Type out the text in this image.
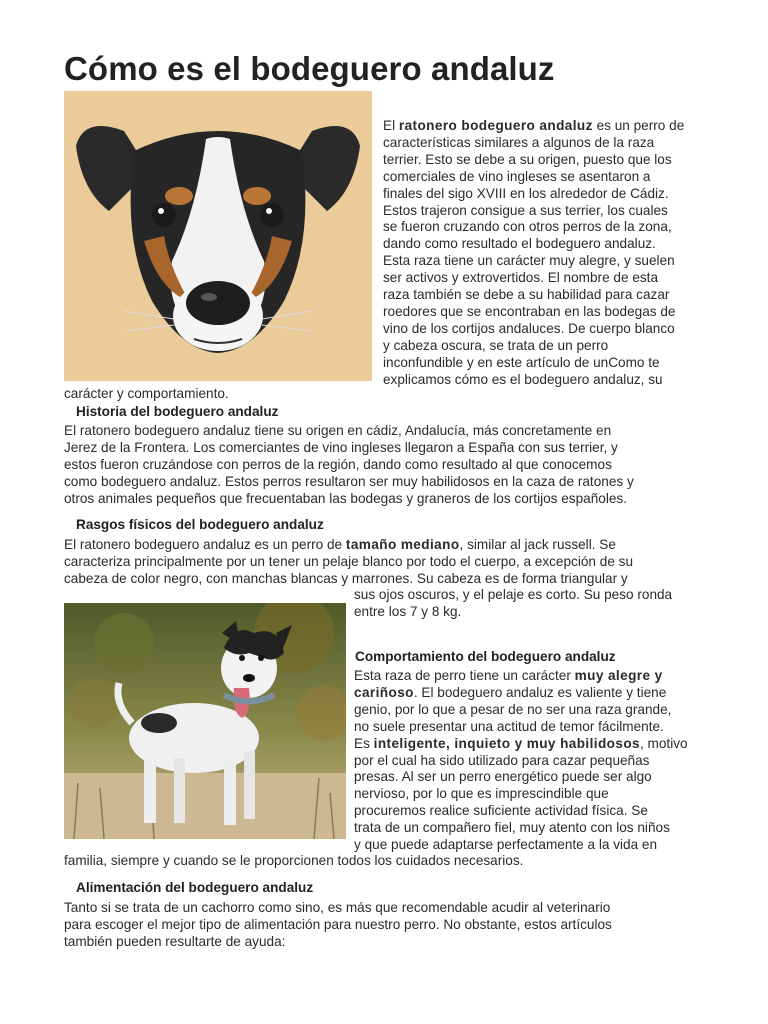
Cómo es el bodeguero andaluz
El ratonero bodeguero andaluz es un perro de
características similares a algunos de la raza
terrier. Esto se debe a su origen, puesto que los
comerciales de vino ingleses se asentaron a
finales del sigo XVIII en los alrededor de Cádiz.
Estos trajeron consigue a sus terrier, los cuales
se fueron cruzando con otros perros de la zona,
dando como resultado el bodeguero andaluz.
Esta raza tiene un carácter muy alegre, y suelen
ser activos y extrovertidos. El nombre de esta
raza también se debe a su habilidad para cazar
roedores que se encontraban en las bodegas de
vino de los cortijos andaluces. De cuerpo blanco
y cabeza oscura, se trata de un perro
inconfundible y en este artículo de unComo te
explicamos cómo es el bodeguero andaluz, su

carácter y comportamiento.

Historia del bodeguero andaluz
El ratonero bodeguero andaluz tiene su origen en cádiz, Andalucía, más concretamente en
Jerez de la Frontera. Los comerciantes de vino ingleses llegaron a España con sus terrier, y
estos fueron cruzándose con perros de la región, dando como resultado al que conocemos
como bodeguero andaluz. Estos perros resultaron ser muy habilidosos en la caza de ratones y
otros animales pequeños que frecuentaban las bodegas y graneros de los cortijos españoles.
Rasgos físicos del bodeguero andaluz
El ratonero bodeguero andaluz es un perro de tamaño mediano, similar al jack russell. Se
caracteriza principalmente por un tener un pelaje blanco por todo el cuerpo, a excepción de su
cabeza de color negro, con manchas blancas y marrones. Su cabeza es de forma triangular y
sus ojos oscuros, y el pelaje es corto. Su peso ronda
entre los 7 y 8 kg.
Comportamiento del bodeguero andaluz
Esta raza de perro tiene un carácter muy alegre y
cariñoso. El bodeguero andaluz es valiente y tiene
genio, por lo que a pesar de no ser una raza grande,
no suele presentar una actitud de temor fácilmente.
Es inteligente, inquieto y muy habilidosos, motivo
por el cual ha sido utilizado para cazar pequeñas
presas. Al ser un perro energético puede ser algo
nervioso, por lo que es imprescindible que
procuremos realice suficiente actividad física. Se
trata de un compañero fiel, muy atento con los niños
y que puede adaptarse perfectamente a la vida en

familia, siempre y cuando se le proporcionen todos los cuidados necesarios.

Alimentación del bodeguero andaluz
Tanto si se trata de un cachorro como sino, es más que recomendable acudir al veterinario
para escoger el mejor tipo de alimentación para nuestro perro. No obstante, estos artículos
también pueden resultarte de ayuda:
